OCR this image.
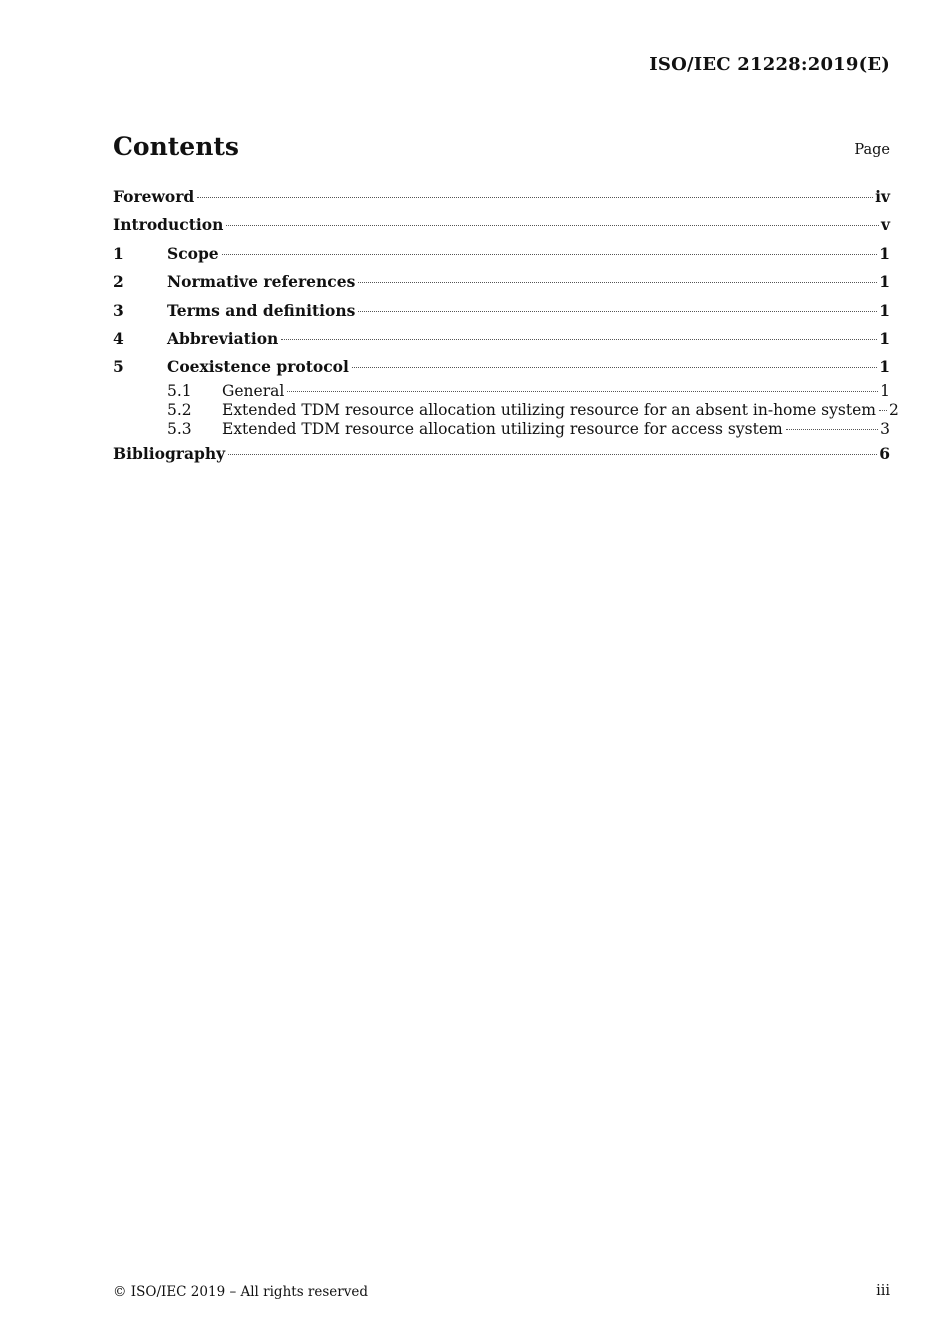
ISO/IEC 21228:2019(E)
Contents	Page
Foreword	iv
Introduction	v
1	Scope	1
2	Normative references	1
3	Terms and definitions	1
4	Abbreviation	1
5	Coexistence protocol	1
5.1	General	1
5.2	Extended TDM resource allocation utilizing resource for an absent in-home system 2
5.3	Extended TDM resource allocation utilizing resource for access system	3
Bibliography	6
© ISO/IEC 2019 – All rights reserved	iii
